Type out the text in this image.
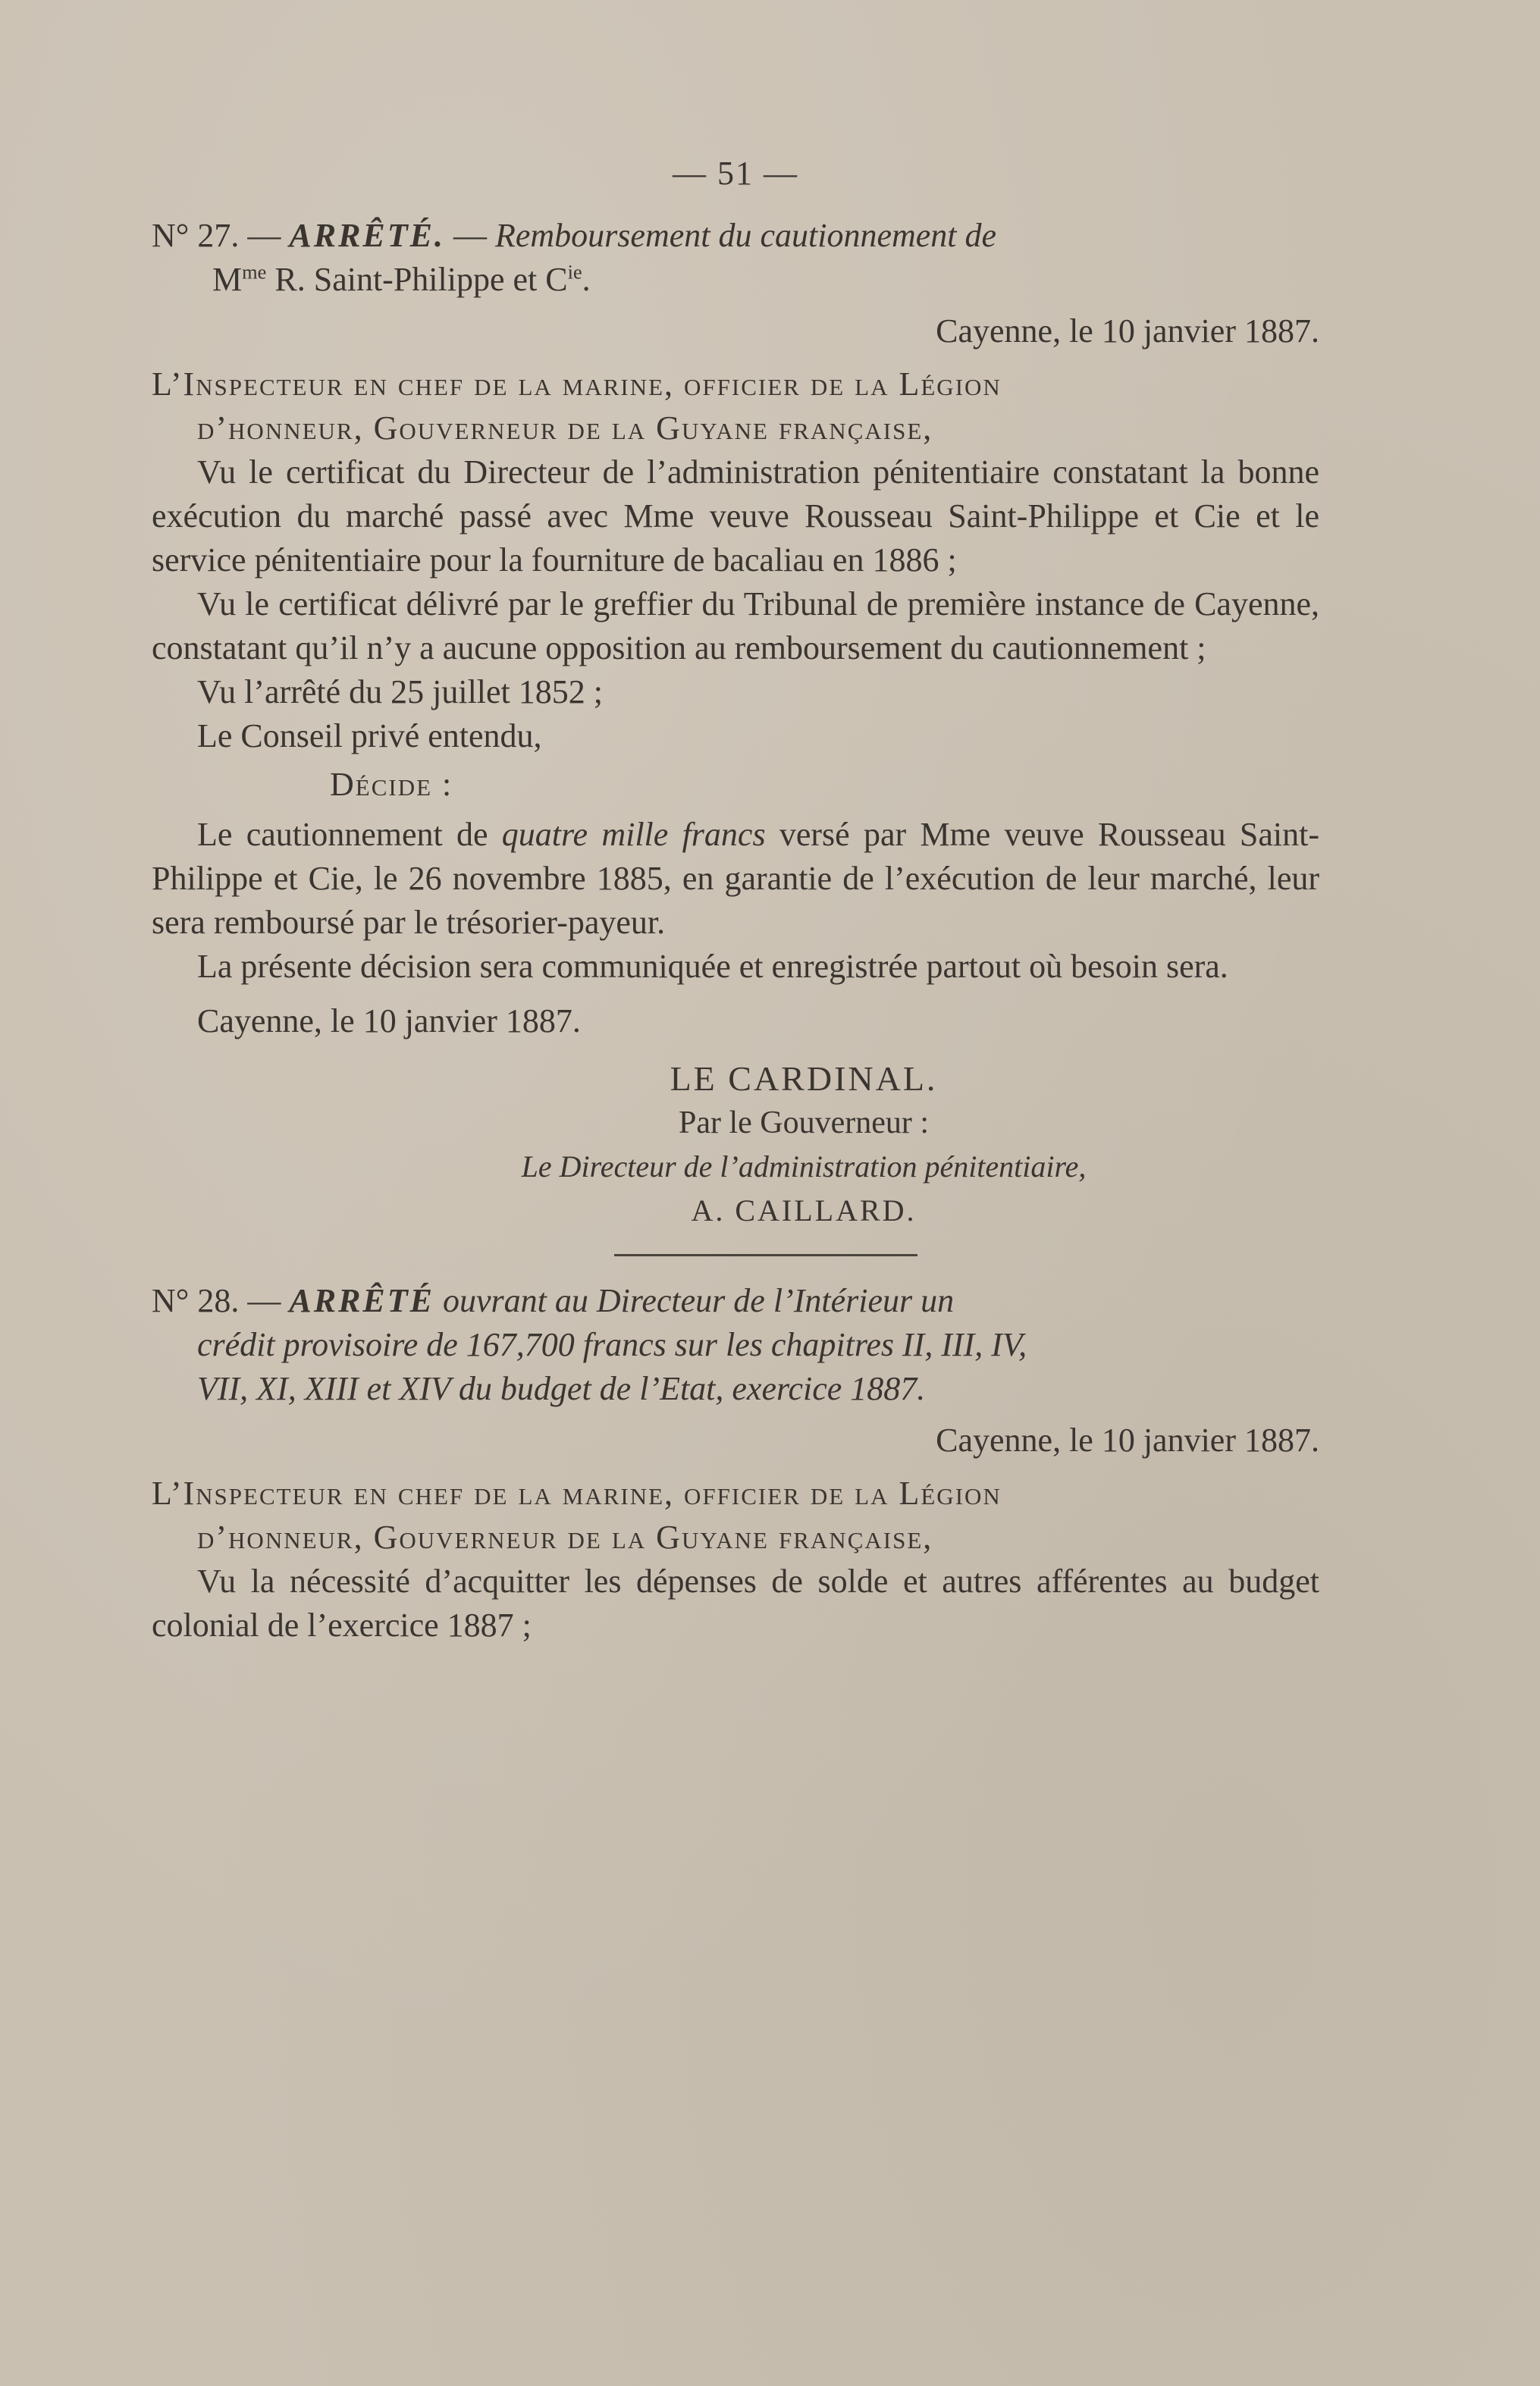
— 51 —
N° 27. — ARRÊTÉ. — Remboursement du cautionnement de
$M^{me}$ R. Saint-Philippe et $C^{ie}$.
Cayenne, le 10 janvier 1887.
L’Inspecteur en chef de la marine, officier de la Légion
d’honneur, Gouverneur de la Guyane française,

Vu le certificat du Directeur de l’administration pénitentiaire constatant la bonne exécution du marché passé avec Mme veuve Rousseau Saint-Philippe et Cie et le service pénitentiaire pour la fourniture de bacaliau en 1886 ;

Vu le certificat délivré par le greffier du Tribunal de première instance de Cayenne, constatant qu’il n’y a aucune opposition au remboursement du cautionnement ;

Vu l’arrêté du 25 juillet 1852 ;

Le Conseil privé entendu,

Décide :

Le cautionnement de quatre mille francs versé par Mme veuve Rousseau Saint-Philippe et Cie, le 26 novembre 1885, en garantie de l’exécution de leur marché, leur sera remboursé par le trésorier-payeur.

La présente décision sera communiquée et enregistrée partout où besoin sera.

Cayenne, le 10 janvier 1887.

LE CARDINAL.
Par le Gouverneur :
Le Directeur de l’administration pénitentiaire,
A. CAILLARD.
N° 28. — ARRÊTÉ ouvrant au Directeur de l’Intérieur un
crédit provisoire de 167,700 francs sur les chapitres II, III, IV,
VII, XI, XIII et XIV du budget de l’Etat, exercice 1887.
Cayenne, le 10 janvier 1887.
L’Inspecteur en chef de la marine, officier de la Légion
d’honneur, Gouverneur de la Guyane française,

Vu la nécessité d’acquitter les dépenses de solde et autres afférentes au budget colonial de l’exercice 1887 ;
